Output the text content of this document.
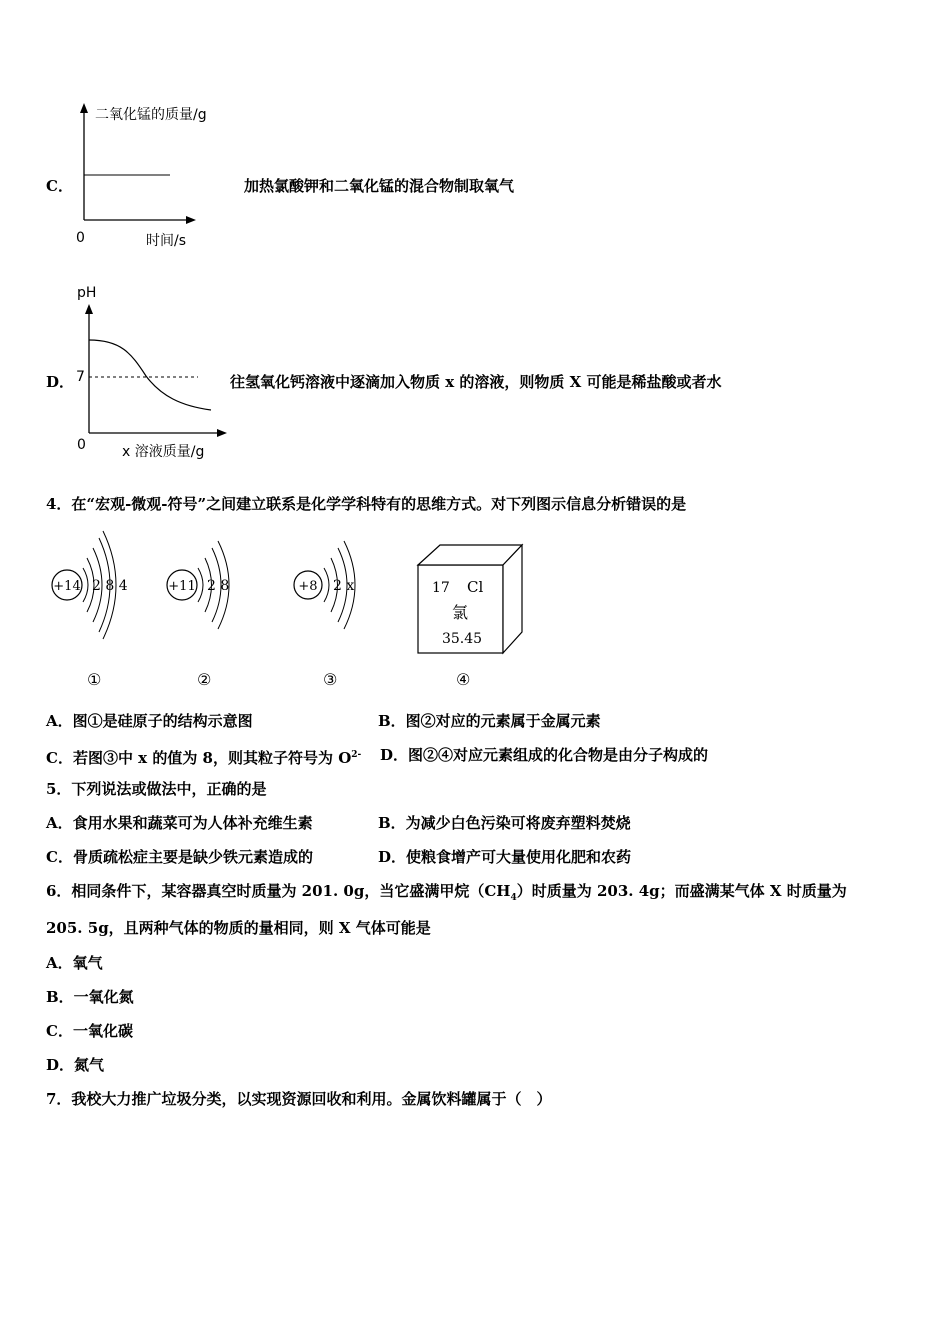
C．
二氧化锰的质量/g
0	时间/s
加热氯酸钾和二氧化锰的混合物制取氧气
D．
pH
7
0	x 溶液质量/g
往氢氧化钙溶液中逐滴加入物质 x 的溶液，则物质 X 可能是稀盐酸或者水
4．在“宏观-微观-符号”之间建立联系是化学学科特有的思维方式。对下列图示信息分析错误的是
+14 2 8 4	+11 2 8	+8 2 x	17 Cl
氯
35.45
①	②	③	④
A．图①是硅原子的结构示意图	B．图②对应的元素属于金属元素
C．若图③中 x 的值为 8，则其粒子符号为 $O^{2-}$ D．图②④对应元素组成的化合物是由分子构成的
5．下列说法或做法中，正确的是
A．食用水果和蔬菜可为人体补充维生素	B．为减少白色污染可将废弃塑料焚烧
C．骨质疏松症主要是缺少铁元素造成的	D．使粮食增产可大量使用化肥和农药
6．相同条件下，某容器真空时质量为 201. 0g，当它盛满甲烷$(CH_4)$时质量为 203. 4g；而盛满某气体 X 时质量为
205. 5g，且两种气体的物质的量相同，则 X 气体可能是
A．氧气
B．一氧化氮
C．一氧化碳
D．氮气
7．我校大力推广垃圾分类，以实现资源回收和利用。金属饮料罐属于（　）
